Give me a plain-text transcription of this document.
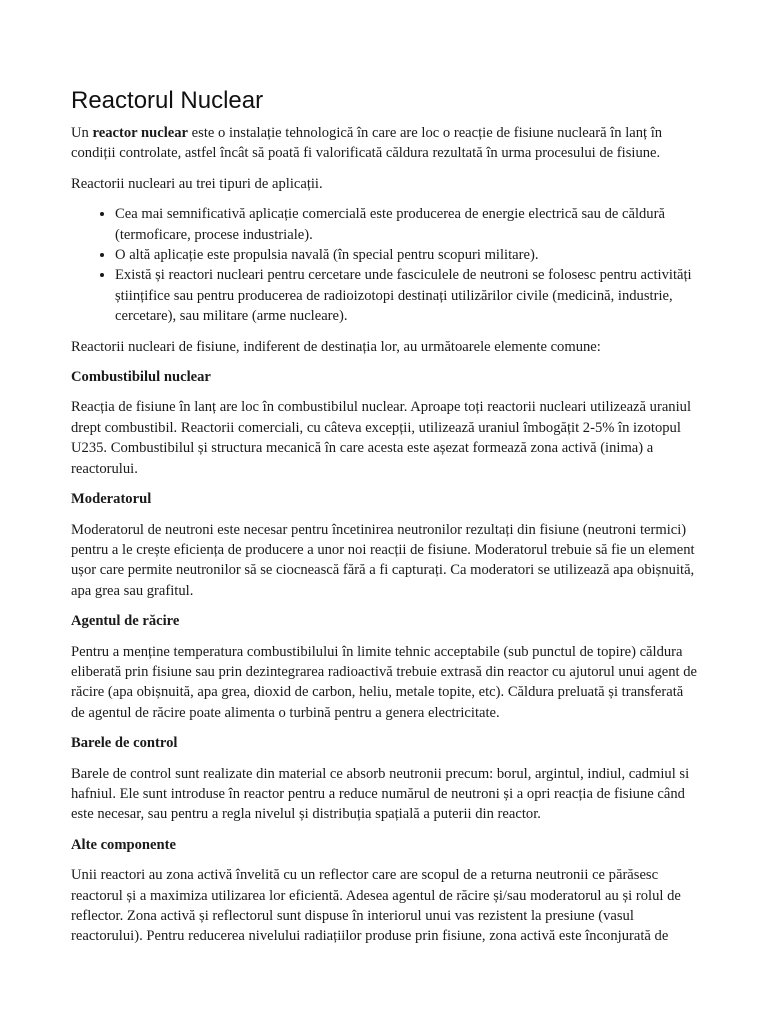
Reactorul Nuclear

Un reactor nuclear este o instalație tehnologică în care are loc o reacție de fisiune nucleară în lanț în condiții controlate, astfel încât să poată fi valorificată căldura rezultată în urma procesului de fisiune.

Reactorii nucleari au trei tipuri de aplicații.

• Cea mai semnificativă aplicație comercială este producerea de energie electrică sau de căldură (termoficare, procese industriale).
• O altă aplicație este propulsia navală (în special pentru scopuri militare).
• Există și reactori nucleari pentru cercetare unde fasciculele de neutroni se folosesc pentru activități științifice sau pentru producerea de radioizotopi destinați utilizărilor civile (medicină, industrie, cercetare), sau militare (arme nucleare).

Reactorii nucleari de fisiune, indiferent de destinația lor, au următoarele elemente comune:

Combustibilul nuclear

Reacția de fisiune în lanț are loc în combustibilul nuclear. Aproape toți reactorii nucleari utilizează uraniul drept combustibil. Reactorii comerciali, cu câteva excepții, utilizează uraniul îmbogățit 2-5% în izotopul U235. Combustibilul și structura mecanică în care acesta este așezat formează zona activă (inima) a reactorului.

Moderatorul

Moderatorul de neutroni este necesar pentru încetinirea neutronilor rezultați din fisiune (neutroni termici) pentru a le crește eficiența de producere a unor noi reacții de fisiune. Moderatorul trebuie să fie un element ușor care permite neutronilor să se ciocnească fără a fi capturați. Ca moderatori se utilizează apa obișnuită, apa grea sau grafitul.

Agentul de răcire

Pentru a menține temperatura combustibilului în limite tehnic acceptabile (sub punctul de topire) căldura eliberată prin fisiune sau prin dezintegrarea radioactivă trebuie extrasă din reactor cu ajutorul unui agent de răcire (apa obișnuită, apa grea, dioxid de carbon, heliu, metale topite, etc). Căldura preluată și transferată de agentul de răcire poate alimenta o turbină pentru a genera electricitate.

Barele de control

Barele de control sunt realizate din material ce absorb neutronii precum: borul, argintul, indiul, cadmiul si hafniul. Ele sunt introduse în reactor pentru a reduce numărul de neutroni și a opri reacția de fisiune când este necesar, sau pentru a regla nivelul și distribuția spațială a puterii din reactor.

Alte componente

Unii reactori au zona activă învelită cu un reflector care are scopul de a returna neutronii ce părăsesc reactorul și a maximiza utilizarea lor eficientă. Adesea agentul de răcire și/sau moderatorul au și rolul de reflector. Zona activă și reflectorul sunt dispuse în interiorul unui vas rezistent la presiune (vasul reactorului). Pentru reducerea nivelului radiațiilor produse prin fisiune, zona activă este înconjurată de
